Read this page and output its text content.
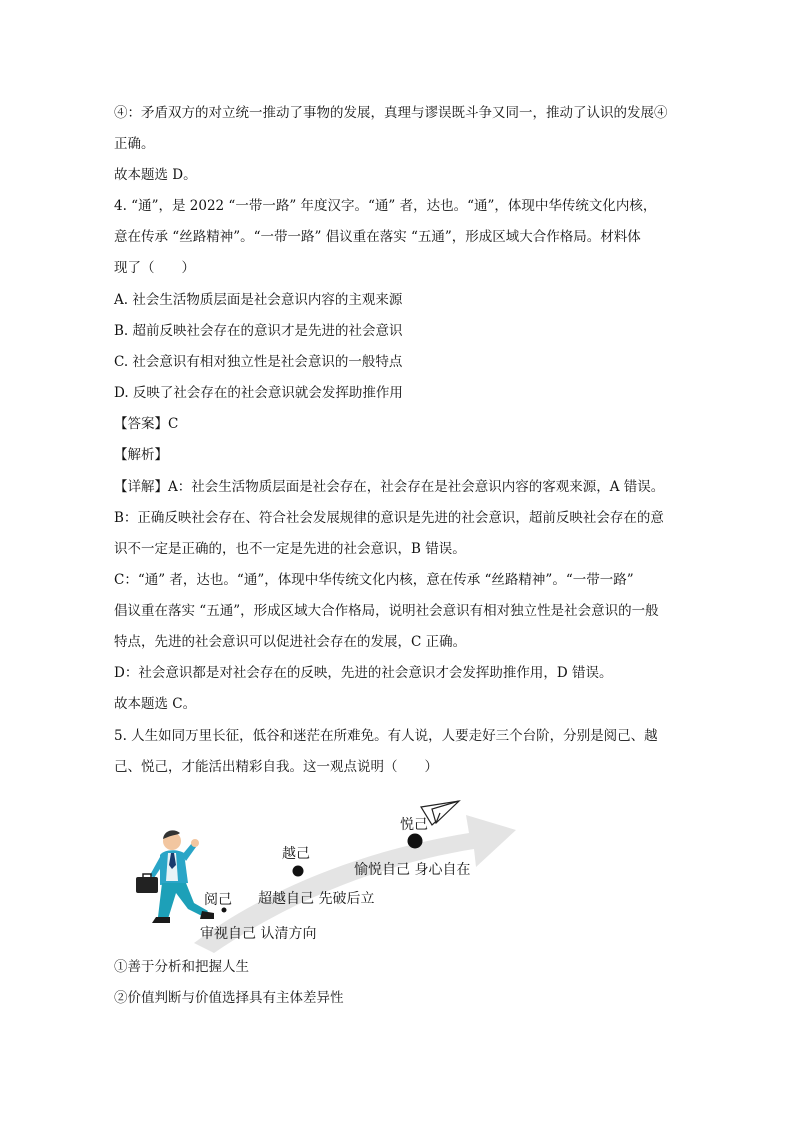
④：矛盾双方的对立统一推动了事物的发展，真理与谬误既斗争又同一，推动了认识的发展④
正确。
故本题选 D。
4. “通”，是 2022 “一带一路” 年度汉字。“通” 者，达也。“通”，体现中华传统文化内核，
意在传承 “丝路精神”。“一带一路” 倡议重在落实 “五通”，形成区域大合作格局。材料体
现了（　　）
A. 社会生活物质层面是社会意识内容的主观来源
B. 超前反映社会存在的意识才是先进的社会意识
C. 社会意识有相对独立性是社会意识的一般特点
D. 反映了社会存在的社会意识就会发挥助推作用
【答案】C
【解析】
【详解】A：社会生活物质层面是社会存在，社会存在是社会意识内容的客观来源，A 错误。
B：正确反映社会存在、符合社会发展规律的意识是先进的社会意识，超前反映社会存在的意
识不一定是正确的，也不一定是先进的社会意识，B 错误。
C：“通” 者，达也。“通”，体现中华传统文化内核，意在传承 “丝路精神”。“一带一路”
倡议重在落实 “五通”，形成区域大合作格局，说明社会意识有相对独立性是社会意识的一般
特点，先进的社会意识可以促进社会存在的发展，C 正确。
D：社会意识都是对社会存在的反映，先进的社会意识才会发挥助推作用，D 错误。
故本题选 C。
5. 人生如同万里长征，低谷和迷茫在所难免。有人说，人要走好三个台阶，分别是阅己、越
己、悦己，才能活出精彩自我。这一观点说明（　　）
阅己
审视自己 认清方向
越己
超越自己 先破后立
悦己
愉悦自己 身心自在
①善于分析和把握人生
②价值判断与价值选择具有主体差异性
